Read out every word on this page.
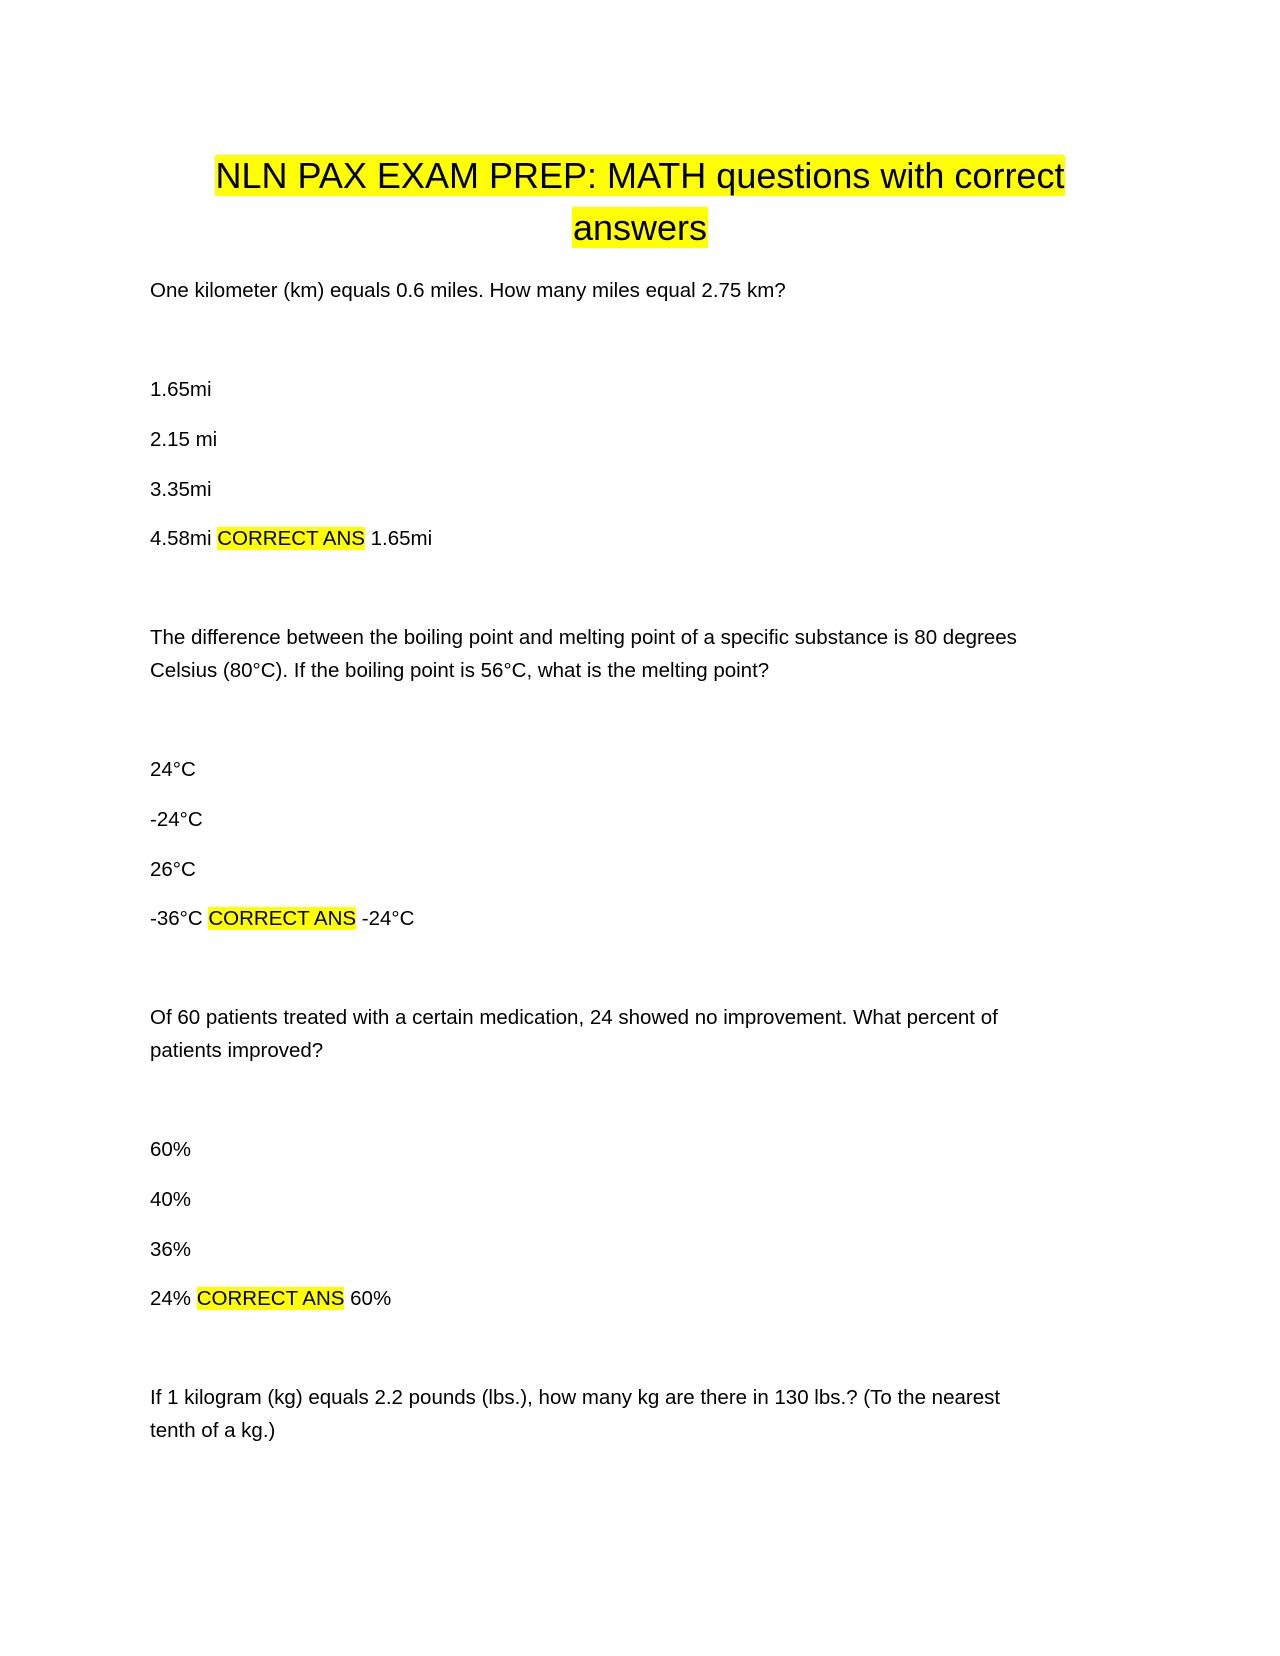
NLN PAX EXAM PREP: MATH questions with correct
answers
One kilometer (km) equals 0.6 miles. How many miles equal 2.75 km?
1.65mi
2.15 mi
3.35mi
4.58mi CORRECT ANS 1.65mi
The difference between the boiling point and melting point of a specific substance is 80 degrees
Celsius (80°C). If the boiling point is 56°C, what is the melting point?
24°C
-24°C
26°C
-36°C CORRECT ANS -24°C
Of 60 patients treated with a certain medication, 24 showed no improvement. What percent of
patients improved?
60%
40%
36%
24% CORRECT ANS 60%
If 1 kilogram (kg) equals 2.2 pounds (lbs.), how many kg are there in 130 lbs.? (To the nearest
tenth of a kg.)
